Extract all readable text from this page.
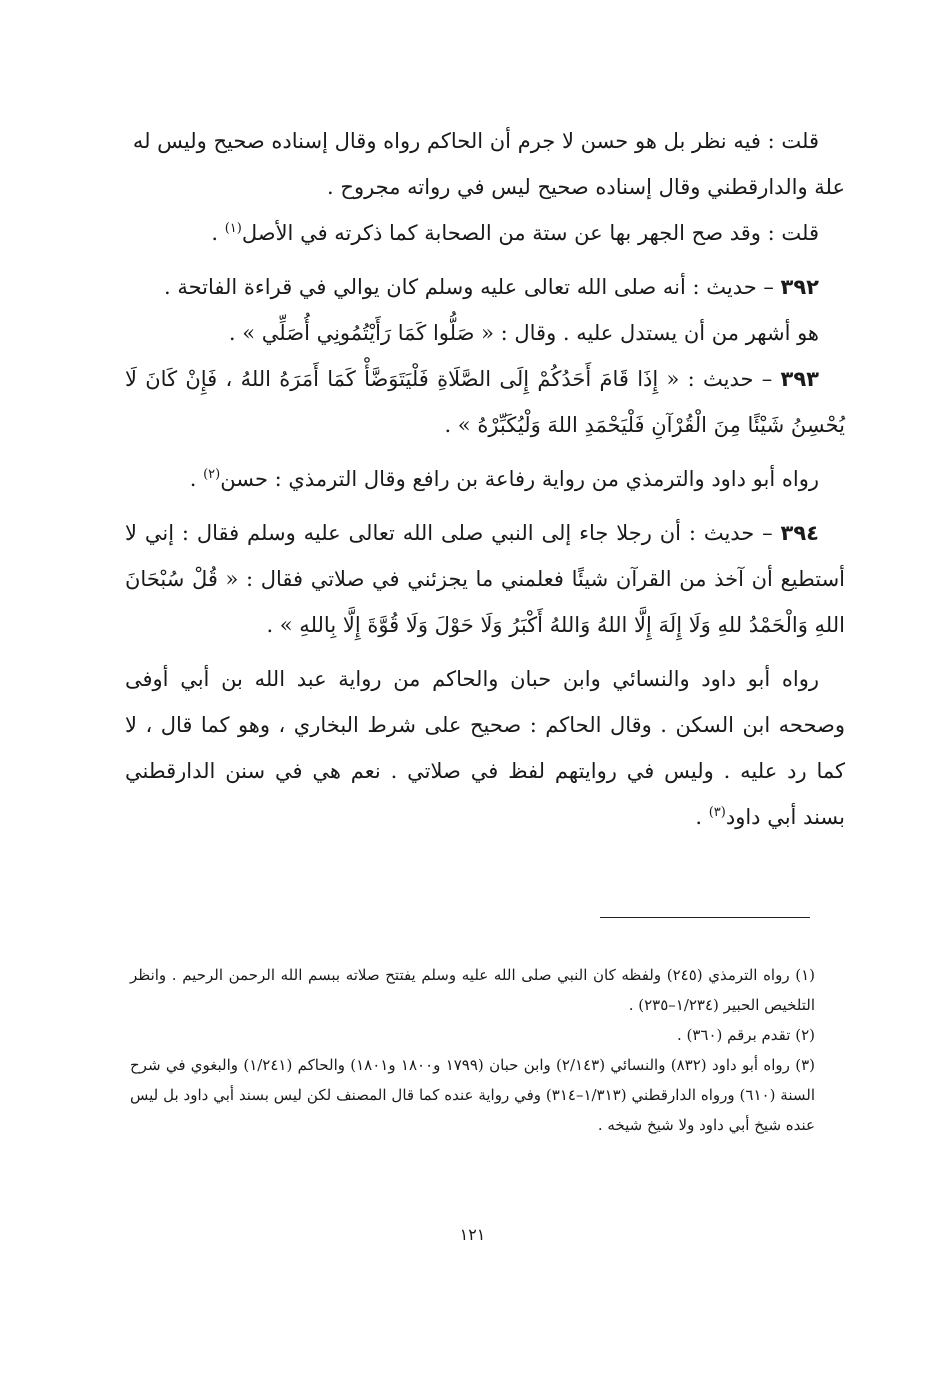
قلت : فيه نظر بل هو حسن لا جرم أن الحاكم رواه وقال إسناده صحيح وليس له
علة والدارقطني وقال إسناده صحيح ليس في رواته مجروح .

قلت : وقد صح الجهر بها عن ستة من الصحابة كما ذكرته في الأصل$^{(١)}$ .

٣٩٢ – حديث : أنه صلى الله تعالى عليه وسلم كان يوالي في قراءة الفاتحة .

هو أشهر من أن يستدل عليه . وقال : « صَلُّوا كَمَا رَأَيْتُمُونِي أُصَلِّي » .

٣٩٣ – حديث : « إِذَا قَامَ أَحَدُكُمْ إِلَى الصَّلَاةِ فَلْيَتَوَضَّأْ كَمَا أَمَرَهُ اللهُ ، فَإِنْ كَانَ لَا يُحْسِنُ شَيْئًا مِنَ الْقُرْآنِ فَلْيَحْمَدِ اللهَ وَلْيُكَبِّرْهُ » .

رواه أبو داود والترمذي من رواية رفاعة بن رافع وقال الترمذي : حسن$^{(٢)}$ .

٣٩٤ – حديث : أن رجلا جاء إلى النبي صلى الله تعالى عليه وسلم فقال : إني لا أستطيع أن آخذ من القرآن شيئًا فعلمني ما يجزئني في صلاتي فقال : « قُلْ سُبْحَانَ اللهِ وَالْحَمْدُ للهِ وَلَا إِلَهَ إِلَّا اللهُ وَاللهُ أَكْبَرُ وَلَا حَوْلَ وَلَا قُوَّةَ إِلَّا بِاللهِ » .

رواه أبو داود والنسائي وابن حبان والحاكم من رواية عبد الله بن أبي أوفى وصححه ابن السكن . وقال الحاكم : صحيح على شرط البخاري ، وهو كما قال ، لا كما رد عليه . وليس في روايتهم لفظ في صلاتي . نعم هي في سنن الدارقطني بسند أبي داود$^{(٣)}$ .

(١) رواه الترمذي (٢٤٥) ولفظه كان النبي صلى الله عليه وسلم يفتتح صلاته ببسم الله الرحمن الرحيم . وانظر التلخيص الحبير (١/٢٣٤–٢٣٥) .

(٢) تقدم برقم (٣٦٠) .

(٣) رواه أبو داود (٨٣٢) والنسائي (٢/١٤٣) وابن حبان (١٧٩٩ و١٨٠٠ و١٨٠١) والحاكم (١/٢٤١) والبغوي في شرح السنة (٦١٠) ورواه الدارقطني (١/٣١٣–٣١٤) وفي رواية عنده كما قال المصنف لكن ليس بسند أبي داود بل ليس عنده شيخ أبي داود ولا شيخ شيخه .

١٢١
